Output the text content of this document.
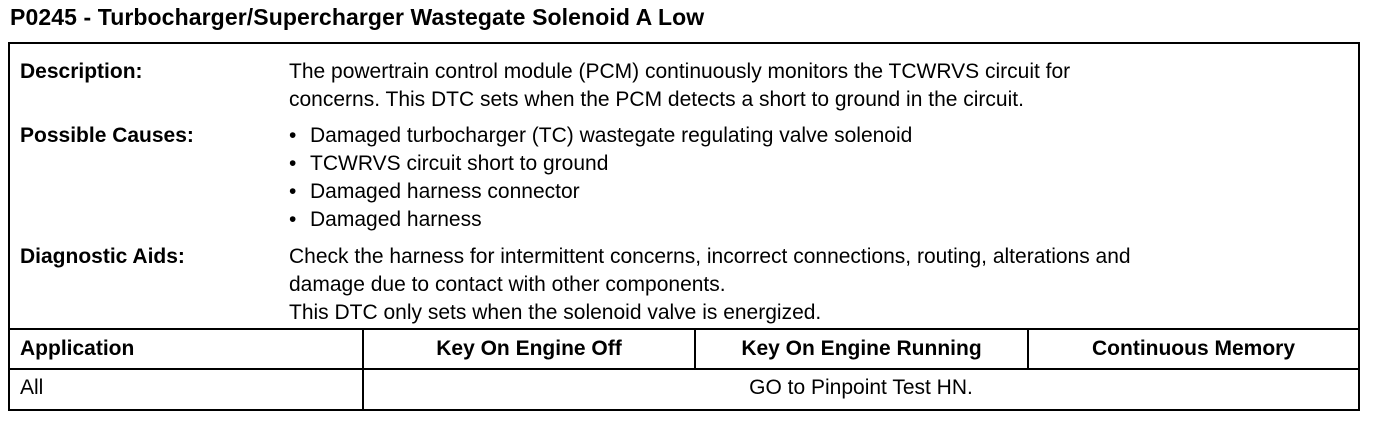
P0245 - Turbocharger/Supercharger Wastegate Solenoid A Low
Description:	The powertrain control module (PCM) continuously monitors the TCWRVS circuit for
concerns. This DTC sets when the PCM detects a short to ground in the circuit.
Possible Causes:
•	Damaged turbocharger (TC) wastegate regulating valve solenoid
• TCWRVS circuit short to ground
• Damaged harness connector
• Damaged harness
Diagnostic Aids:	Check the harness for intermittent concerns, incorrect connections, routing, alterations and
damage due to contact with other components.
This DTC only sets when the solenoid valve is energized.
Application	Key On Engine Off	Key On Engine Running	Continuous Memory
All	GO to Pinpoint Test HN.
